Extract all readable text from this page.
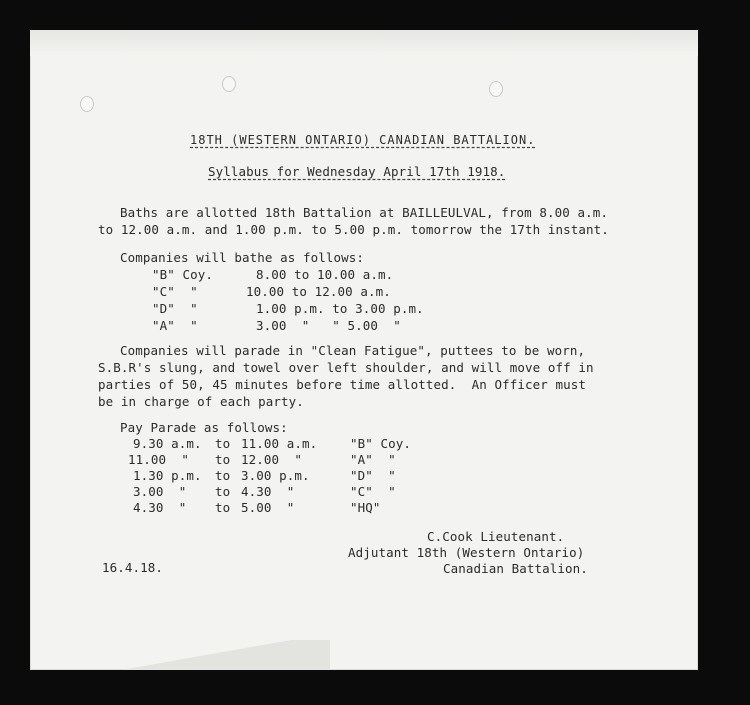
18TH (WESTERN ONTARIO) CANADIAN BATTALION.
Syllabus for Wednesday April 17th 1918.
Baths are allotted 18th Battalion at BAILLEULVAL, from 8.00 a.m.
to 12.00 a.m. and 1.00 p.m. to 5.00 p.m. tomorrow the 17th instant.
Companies will bathe as follows:
"B" Coy.	8.00 to 10.00 a.m.
"C"  "	10.00 to 12.00 a.m.
"D"  "	1.00 p.m. to 3.00 p.m.
"A"  "	3.00  "   " 5.00  "
Companies will parade in "Clean Fatigue", puttees to be worn,
S.B.R's slung, and towel over left shoulder, and will move off in
parties of 50, 45 minutes before time allotted.  An Officer must
be in charge of each party.
Pay Parade as follows:
9.30 a.m. to 11.00 a.m.	"B" Coy.
11.00  " to 12.00  "	"A"  "
1.30 p.m. to 3.00 p.m.	"D"  "
3.00  " to 4.30  "	"C"  "
4.30  " to 5.00  "	"HQ"
C.Cook Lieutenant.
Adjutant 18th (Western Ontario)
Canadian Battalion.
16.4.18.
